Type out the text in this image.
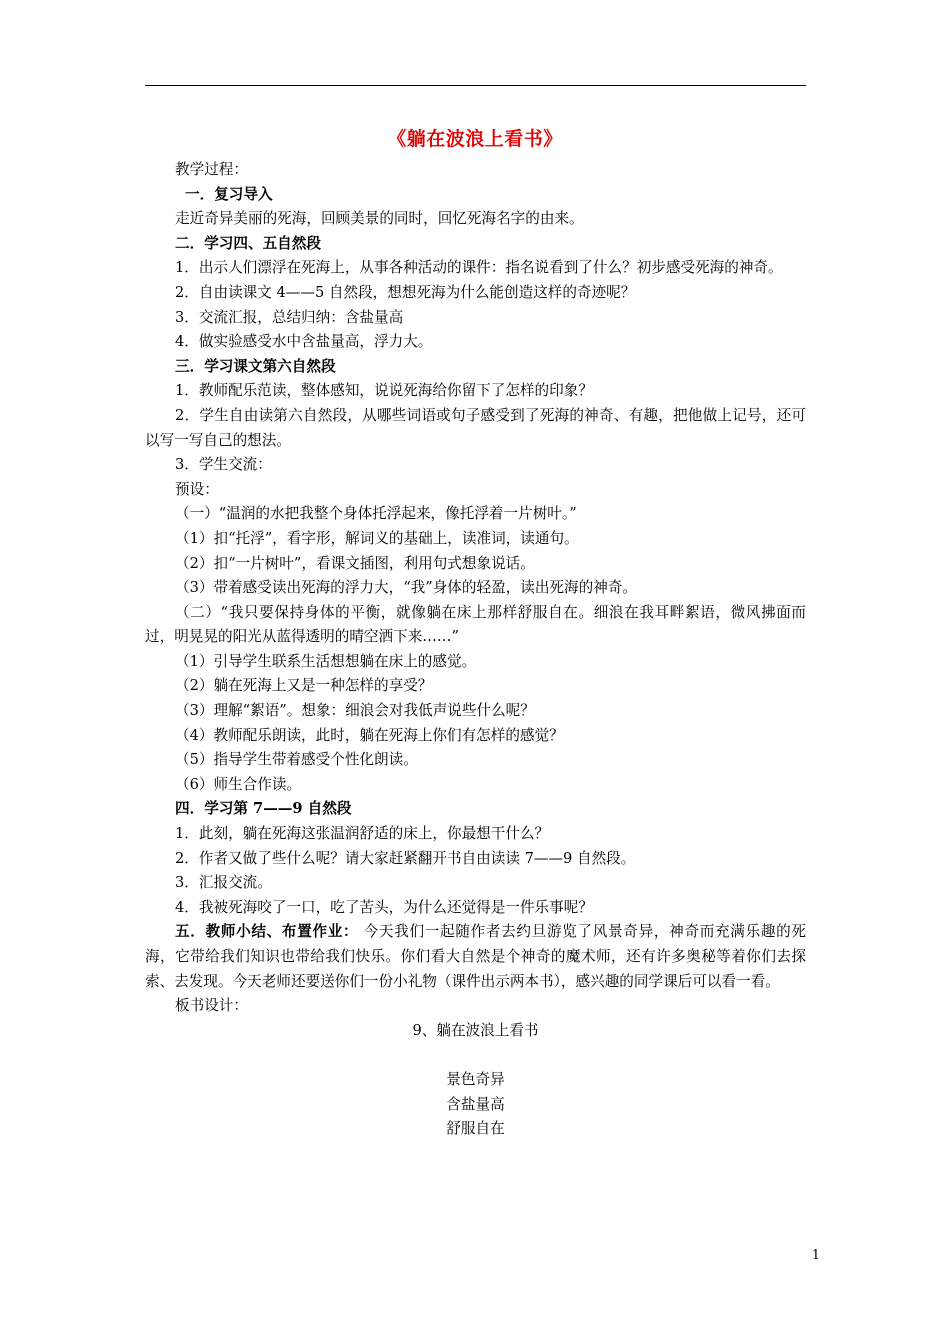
《躺在波浪上看书》

教学过程：

一．复习导入

走近奇异美丽的死海，回顾美景的同时，回忆死海名字的由来。

二．学习四、五自然段

1．出示人们漂浮在死海上，从事各种活动的课件：指名说看到了什么？初步感受死海的神奇。

2．自由读课文 4——5 自然段，想想死海为什么能创造这样的奇迹呢？

3．交流汇报，总结归纳：含盐量高

4．做实验感受水中含盐量高，浮力大。

三．学习课文第六自然段

1．教师配乐范读，整体感知，说说死海给你留下了怎样的印象？

2．学生自由读第六自然段，从哪些词语或句子感受到了死海的神奇、有趣，把他做上记号，还可以写一写自己的想法。

3．学生交流：

预设：

（一）“温润的水把我整个身体托浮起来，像托浮着一片树叶。”

（1）扣“托浮”，看字形，解词义的基础上，读准词，读通句。

（2）扣“一片树叶”，看课文插图，利用句式想象说话。

（3）带着感受读出死海的浮力大，“我”身体的轻盈，读出死海的神奇。

（二）“我只要保持身体的平衡，就像躺在床上那样舒服自在。细浪在我耳畔絮语，微风拂面而过，明晃晃的阳光从蓝得透明的晴空洒下来……”

（1）引导学生联系生活想想躺在床上的感觉。

（2）躺在死海上又是一种怎样的享受？

（3）理解“絮语”。想象：细浪会对我低声说些什么呢？

（4）教师配乐朗读，此时，躺在死海上你们有怎样的感觉？

（5）指导学生带着感受个性化朗读。

（6）师生合作读。

四．学习第 7——9 自然段

1．此刻，躺在死海这张温润舒适的床上，你最想干什么？

2．作者又做了些什么呢？请大家赶紧翻开书自由读读 7——9 自然段。

3．汇报交流。

4．我被死海咬了一口，吃了苦头，为什么还觉得是一件乐事呢？

五．教师小结、布置作业： 今天我们一起随作者去约旦游览了风景奇异，神奇而充满乐趣的死海，它带给我们知识也带给我们快乐。你们看大自然是个神奇的魔术师，还有许多奥秘等着你们去探索、去发现。今天老师还要送你们一份小礼物（课件出示两本书），感兴趣的同学课后可以看一看。

板书设计：

9、躺在波浪上看书

景色奇异

含盐量高

舒服自在

1
